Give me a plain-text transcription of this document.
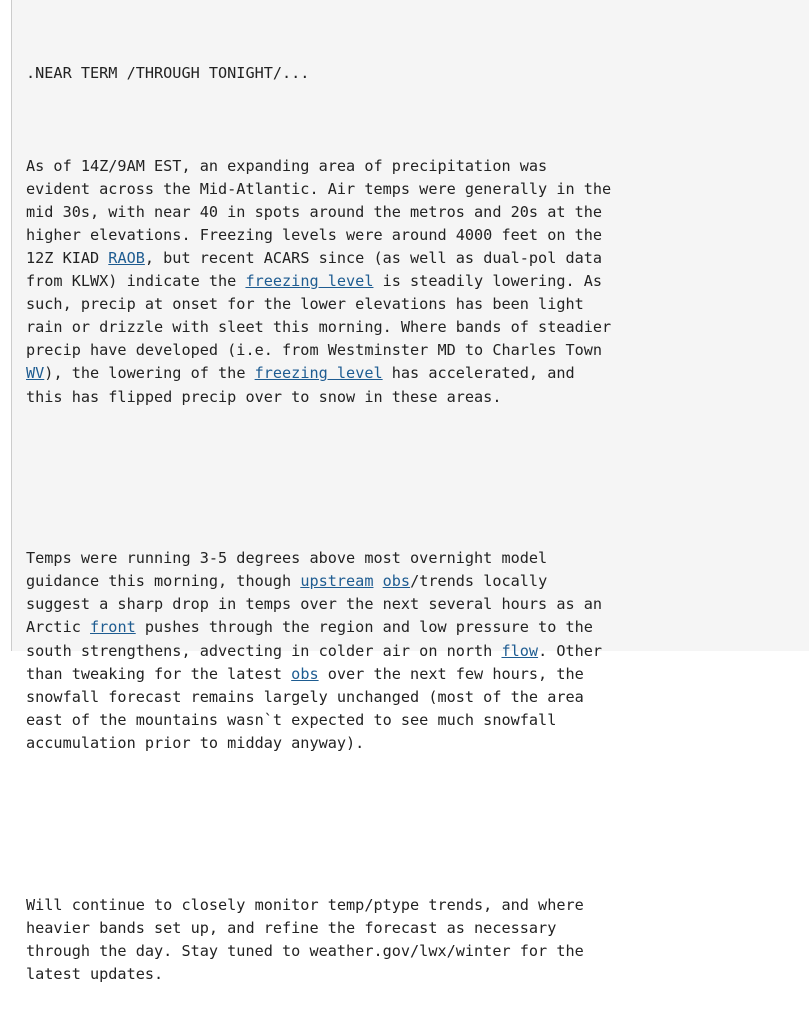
.NEAR TERM /THROUGH TONIGHT/...

As of 14Z/9AM EST, an expanding area of precipitation was
evident across the Mid-Atlantic. Air temps were generally in the
mid 30s, with near 40 in spots around the metros and 20s at the
higher elevations. Freezing levels were around 4000 feet on the
12Z KIAD RAOB, but recent ACARS since (as well as dual-pol data
from KLWX) indicate the freezing level is steadily lowering. As
such, precip at onset for the lower elevations has been light
rain or drizzle with sleet this morning. Where bands of steadier
precip have developed (i.e. from Westminster MD to Charles Town
WV), the lowering of the freezing level has accelerated, and
this has flipped precip over to snow in these areas.

Temps were running 3-5 degrees above most overnight model
guidance this morning, though upstream obs/trends locally
suggest a sharp drop in temps over the next several hours as an
Arctic front pushes through the region and low pressure to the
south strengthens, advecting in colder air on north flow. Other
than tweaking for the latest obs over the next few hours, the
snowfall forecast remains largely unchanged (most of the area
east of the mountains wasn`t expected to see much snowfall
accumulation prior to midday anyway).

Will continue to closely monitor temp/ptype trends, and where
heavier bands set up, and refine the forecast as necessary
through the day. Stay tuned to weather.gov/lwx/winter for the
latest updates.
